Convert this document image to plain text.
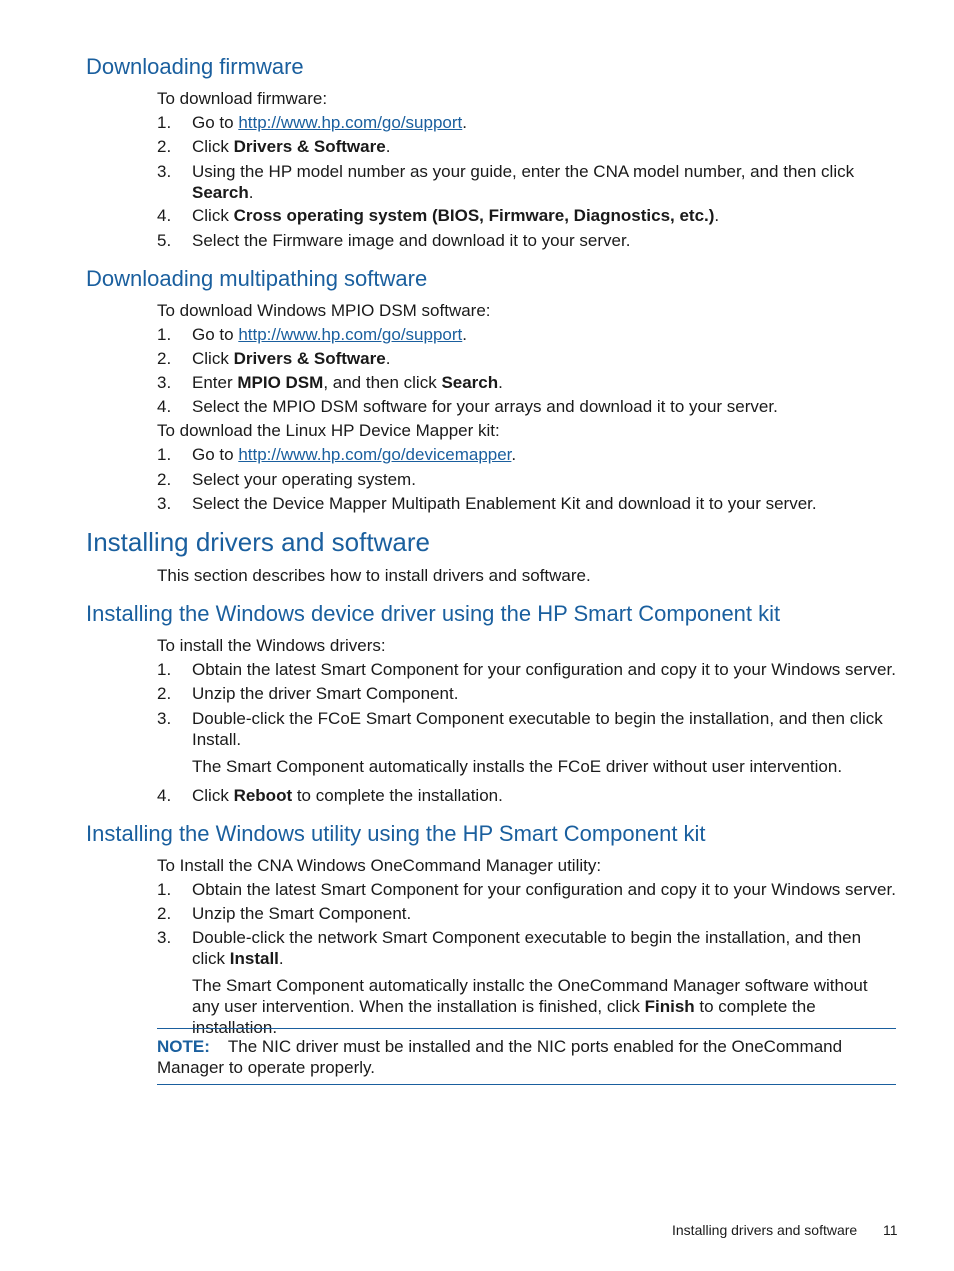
Downloading firmware
To download firmware:
1.	Go to http://www.hp.com/go/support.
2.	Click Drivers & Software.
3.	Using the HP model number as your guide, enter the CNA model number, and then click Search.
4.	Click Cross operating system (BIOS, Firmware, Diagnostics, etc.).
5.	Select the Firmware image and download it to your server.
Downloading multipathing software
To download Windows MPIO DSM software:
1.	Go to http://www.hp.com/go/support.
2.	Click Drivers & Software.
3.	Enter MPIO DSM, and then click Search.
4.	Select the MPIO DSM software for your arrays and download it to your server.
To download the Linux HP Device Mapper kit:
1.	Go to http://www.hp.com/go/devicemapper.
2.	Select your operating system.
3.	Select the Device Mapper Multipath Enablement Kit and download it to your server.
Installing drivers and software
This section describes how to install drivers and software.
Installing the Windows device driver using the HP Smart Component kit
To install the Windows drivers:
1.	Obtain the latest Smart Component for your configuration and copy it to your Windows server.
2.	Unzip the driver Smart Component.
3.	Double-click the FCoE Smart Component executable to begin the installation, and then click Install.
The Smart Component automatically installs the FCoE driver without user intervention.
4.	Click Reboot to complete the installation.
Installing the Windows utility using the HP Smart Component kit
To Install the CNA Windows OneCommand Manager utility:
1.	Obtain the latest Smart Component for your configuration and copy it to your Windows server.
2.	Unzip the Smart Component.
3.	Double-click the network Smart Component executable to begin the installation, and then click Install.
The Smart Component automatically installc the OneCommand Manager software without any user intervention. When the installation is finished, click Finish to complete the installation.
NOTE: The NIC driver must be installed and the NIC ports enabled for the OneCommand Manager to operate properly.
Installing drivers and software 11
